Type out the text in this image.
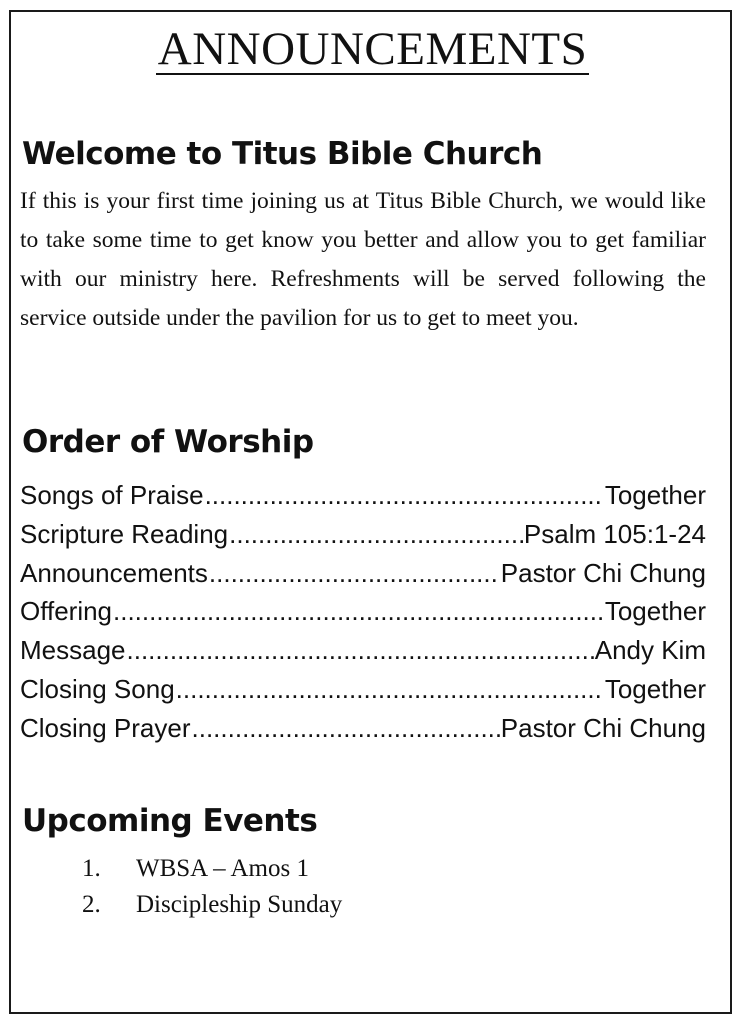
ANNOUNCEMENTS
Welcome to Titus Bible Church
If this is your first time joining us at Titus Bible Church, we would like to take some time to get know you better and allow you to get familiar with our ministry here. Refreshments will be served following the service outside under the pavilion for us to get to meet you.
Order of Worship
Songs of Praise .....	Together
Scripture Reading .....	Psalm 105:1-24
Announcements .....	Pastor Chi Chung
Offering .....	Together
Message .....	Andy Kim
Closing Song .....	Together
Closing Prayer .....	Pastor Chi Chung
Upcoming Events
1.	WBSA – Amos 1
2.	Discipleship Sunday
